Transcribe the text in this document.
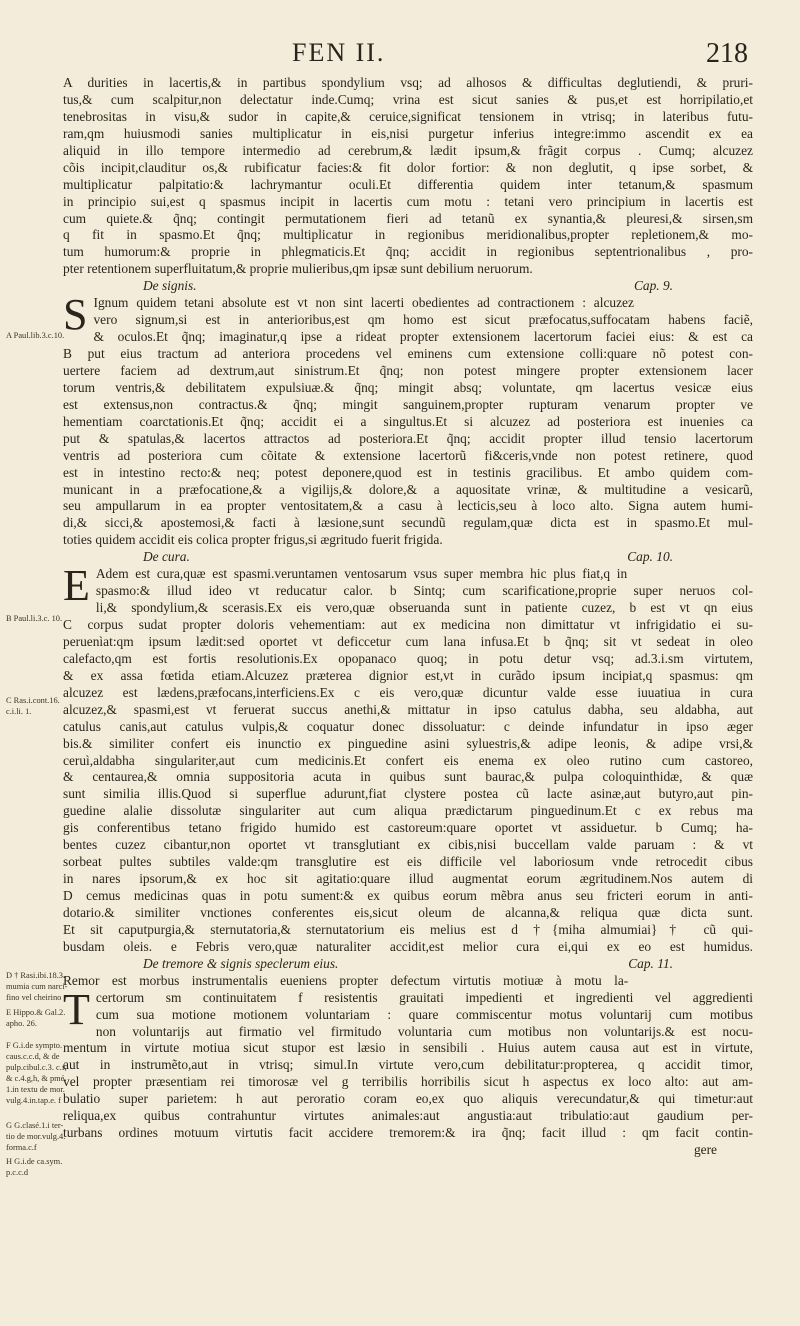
FEN II.	218
A durities in lacertis,& in partibus spondylium vsq; ad alhosos & difficultas deglutiendi, & pruri-
tus,& cum scalpitur,non delectatur inde.Cumq; vrina est sicut sanies & pus,et est horripilatio,et
tenebrositas in visu,& sudor in capite,& ceruice,significat tensionem in vtrisq; in lateribus futu-
ram,qm huiusmodi sanies multiplicatur in eis,nisi purgetur inferius integre:immo ascendit ex ea
aliquid in illo tempore intermedio ad cerebrum,& lædit ipsum,& frãgit corpus . Cumq; alcuzez
cõis incipit,clauditur os,& rubificatur facies:& fit dolor fortior: & non deglutit, q ipse sorbet, &
multiplicatur palpitatio:& lachrymantur oculi.Et differentia quidem inter tetanum,& spasmum
in principio sui,est q spasmus incipit in lacertis cum motu : tetani vero principium in lacertis est
cum quiete.& q̃nq; contingit permutationem fieri ad tetanũ ex synantia,& pleuresi,& sirsen,sm
q fit in spasmo.Et q̃nq; multiplicatur in regionibus meridionalibus,propter repletionem,& mo-
tum humorum:& proprie in phlegmaticis.Et q̃nq; accidit in regionibus septentrionalibus , pro-
pter retentionem superfluitatum,& proprie mulieribus,qm ipsæ sunt debilium neruorum.
Cap. 9.
De signis.
S Ignum quidem tetani absolute est vt non sint lacerti obedientes ad contractionem : alcuzez
vero signum,si est in anterioribus,est qm homo est sicut præfocatus,suffocatam habens faciẽ,
& oculos.Et q̃nq; imaginatur,q ipse a rideat propter extensionem lacertorum faciei eius: & est ca
B put eius tractum ad anteriora procedens vel eminens cum extensione colli:quare nõ potest con-
uertere faciem ad dextrum,aut sinistrum.Et q̃nq; non potest mingere propter extensionem lacer
torum ventris,& debilitatem expulsiuæ.& q̃nq; mingit absq; voluntate, qm lacertus vesicæ eius
est extensus,non contractus.& q̃nq; mingit sanguinem,propter rupturam venarum propter ve
hementiam coarctationis.Et q̃nq; accidit ei a singultus.Et si alcuzez ad posteriora est inuenies ca
put & spatulas,& lacertos attractos ad posteriora.Et q̃nq; accidit propter illud tensio lacertorum
ventris ad posteriora cum cõitate & extensione lacertorũ fi&ceris,vnde non potest retinere, quod
est in intestino recto:& neq; potest deponere,quod est in testinis gracilibus. Et ambo quidem com-
municant in a præfocatione,& a vigilijs,& dolore,& a aquositate vrinæ, & multitudine a vesicarũ,
seu ampullarum in ea propter ventositatem,& a casu à lecticis,seu à loco alto. Signa autem humi-
di,& sicci,& apostemosi,& facti à læsione,sunt secundũ regulam,quæ dicta est in spasmo.Et mul-
toties quidem accidit eis colica propter frigus,si ægritudo fuerit frigida.
Cap. 10.
De cura.
E Adem est cura,quæ est spasmi.veruntamen ventosarum vsus super membra hic plus fiat,q in
spasmo:& illud ideo vt reducatur calor. b Sintq; cum scarificatione,proprie super neruos col-
li,& spondylium,& scerasis.Ex eis vero,quæ obseruanda sunt in patiente cuzez, b est vt qn eius
C corpus sudat propter doloris vehementiam: aut ex medicina non dimittatur vt infrigidatio ei su-
peruenìat:qm ipsum lædit:sed oportet vt deficcetur cum lana infusa.Et b q̃nq; sit vt sedeat in oleo
calefacto,qm est fortis resolutionis.Ex opopanaco quoq; in potu detur vsq; ad.3.i.sm virtutem,
& ex assa fœtida etiam.Alcuzez præterea dignior est,vt in curãdo ipsum incipiat,q spasmus: qm
alcuzez est lædens,præfocans,interficiens.Ex c eis vero,quæ dicuntur valde esse iuuatiua in cura
alcuzez,& spasmi,est vt feruerat succus anethi,& mittatur in ipso catulus dabha, seu aldabha, aut
catulus canis,aut catulus vulpis,& coquatur donec dissoluatur: c deinde infundatur in ipso æger
bis.& similiter confert eis inunctio ex pinguedine asini syluestris,& adipe leonis, & adipe vrsi,&
ceruì,aldabha singulariter,aut cum medicinis.Et confert eis enema ex oleo rutino cum castoreo,
& centaurea,& omnia suppositoria acuta in quibus sunt baurac,& pulpa coloquinthidæ, & quæ
sunt similia illis.Quod si superflue adurunt,fiat clystere postea cũ lacte asinæ,aut butyro,aut pin-
guedine alalie dissolutæ singulariter aut cum aliqua prædictarum pinguedinum.Et c ex rebus ma
gis conferentibus tetano frigido humido est castoreum:quare oportet vt assiduetur. b Cumq; ha-
bentes cuzez cibantur,non oportet vt transglutiant ex cibis,nisi buccellam valde paruam : & vt
sorbeat pultes subtiles valde:qm transglutire est eis difficile vel laboriosum vnde retrocedit cibus
in nares ipsorum,& ex hoc sit agitatio:quare illud augmentat eorum ægritudinem.Nos autem di
D cemus medicinas quas in potu sument:& ex quibus eorum mẽbra anus seu fricteri eorum in anti-
dotario.& similiter vnctiones conferentes eis,sicut oleum de alcanna,& reliqua quæ dicta sunt.
Et sit caputpurgia,& sternutatoria,& sternutatorium eis melius est d †{miha almumiai}† cũ qui-
busdam oleis. e Febris vero,quæ naturaliter accidit,est melior cura ei,qui ex eo est humidus.
Cap. 11.
De tremore & signis speclerum eius.
Remor est morbus instrumentalis eueniens propter defectum virtutis motiuæ à motu la-
Tcertorum sm continuitatem f resistentis grauitati impedienti et ingredienti vel aggredienti
cum sua motione motionem voluntariam : quare commiscentur motus voluntarij cum motibus
non voluntarijs aut firmatio vel firmitudo voluntaria cum motibus non voluntarijs.& est nocu-
mentum in virtute motiua sicut stupor est læsio in sensibili . Huius autem causa aut est in virtute,
aut in instrumẽto,aut in vtrisq; simul.In virtute vero,cum debilitatur:propterea, q accidit timor,
vel propter præsentiam rei timorosæ vel g terribilis horribilis sicut h aspectus ex loco alto: aut am-
bulatio super parietem: h aut peroratio coram eo,ex quo aliquis verecundatur,& qui timetur:aut
reliqua,ex quibus contrahuntur virtutes animales:aut angustia:aut tribulatio:aut gaudium per-
turbans ordines motuum virtutis facit accidere tremorem:& ira q̃nq; facit illud : qm facit contin-
gere
A Paul.lib.3.c.10.
B Paul.li.3.c. 10.
C Ras.i.cont.16.
c.i.li. 1.
D † Rasi.ibi.18.3.
mumia cum narci-
fino vel cheirino
E Hippo.& Gal.2.
apho. 26.
F G.i.de sympto.
caus.c.c.d, & de
pulp.cibul.c.3. c.f,
& c.4.g,h, & pmé.
1.in textu de mor.
vulg.4.in.tap.e. f
G G.clasé.1.i ter-
tio de mor.vulg.4.
forma.c.f
H G.i.de ca.sym.
p.c.c.d
